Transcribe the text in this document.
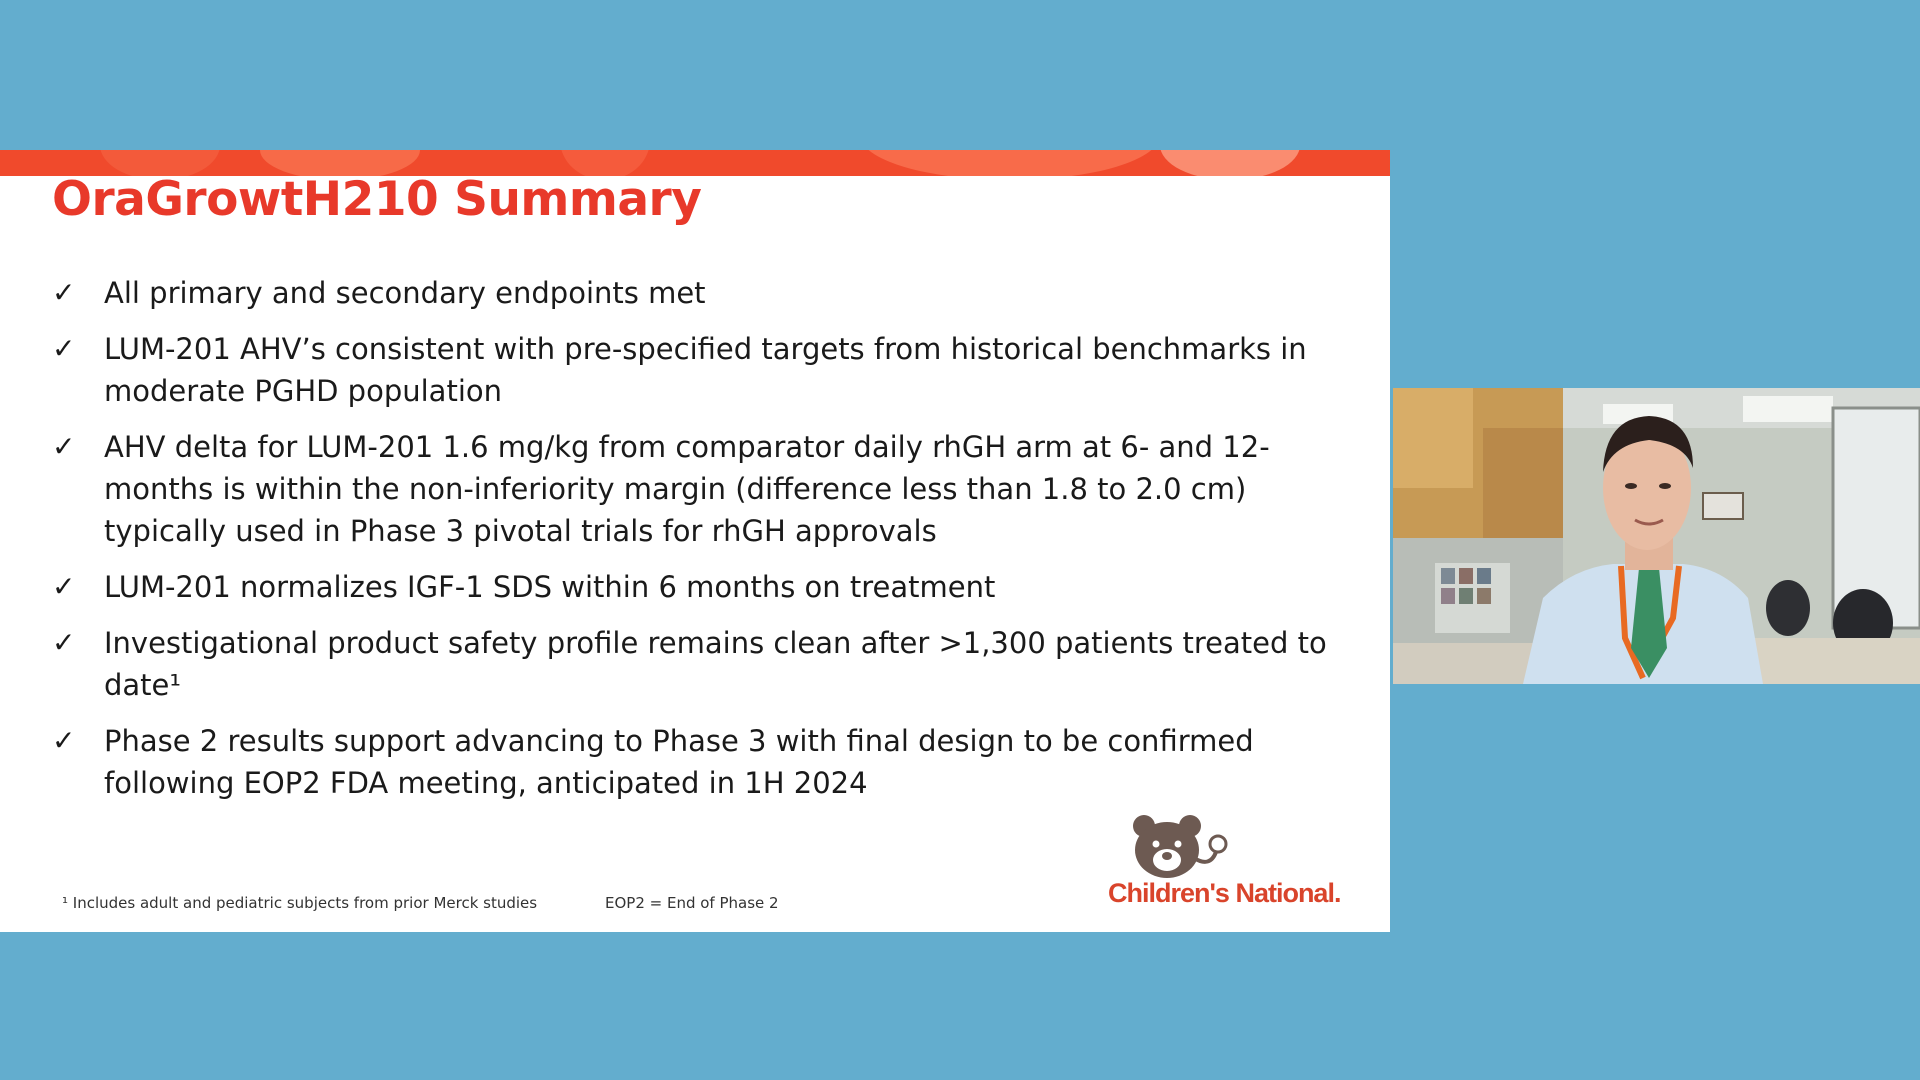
OraGrowtH210 Summary
✓ All primary and secondary endpoints met
✓ LUM-201 AHV’s consistent with pre-specified targets from historical benchmarks in moderate PGHD population
✓ AHV delta for LUM-201 1.6 mg/kg from comparator daily rhGH arm at 6- and 12-months is within the non-inferiority margin (difference less than 1.8 to 2.0 cm) typically used in Phase 3 pivotal trials for rhGH approvals
✓ LUM-201 normalizes IGF-1 SDS within 6 months on treatment
✓ Investigational product safety profile remains clean after >1,300 patients treated to date¹
✓ Phase 2 results support advancing to Phase 3 with final design to be confirmed following EOP2 FDA meeting, anticipated in 1H 2024
¹ Includes adult and pediatric subjects from prior Merck studies	EOP2 = End of Phase 2	Children's National.
